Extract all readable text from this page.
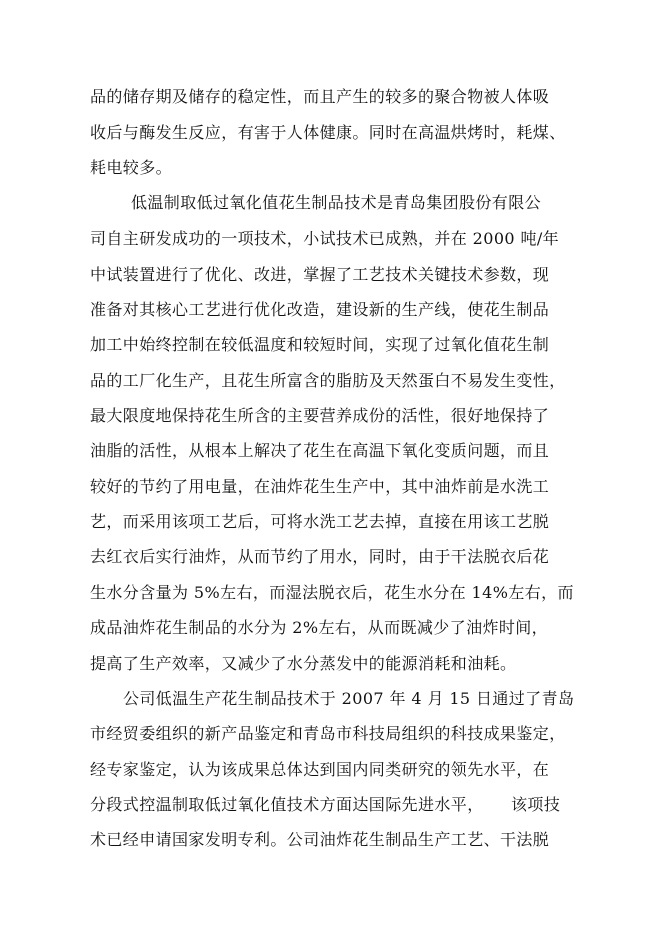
品的储存期及储存的稳定性，而且产生的较多的聚合物被人体吸
收后与酶发生反应，有害于人体健康。同时在高温烘烤时，耗煤、
耗电较多。
低温制取低过氧化值花生制品技术是青岛集团股份有限公
司自主研发成功的一项技术，小试技术已成熟，并在 2000 吨/年
中试装置进行了优化、改进，掌握了工艺技术关键技术参数，现
准备对其核心工艺进行优化改造，建设新的生产线，使花生制品
加工中始终控制在较低温度和较短时间，实现了过氧化值花生制
品的工厂化生产，且花生所富含的脂肪及天然蛋白不易发生变性，
最大限度地保持花生所含的主要营养成份的活性，很好地保持了
油脂的活性，从根本上解决了花生在高温下氧化变质问题，而且
较好的节约了用电量，在油炸花生生产中，其中油炸前是水洗工
艺，而采用该项工艺后，可将水洗工艺去掉，直接在用该工艺脱
去红衣后实行油炸，从而节约了用水，同时，由于干法脱衣后花
生水分含量为 5%左右，而湿法脱衣后，花生水分在 14%左右，而
成品油炸花生制品的水分为 2%左右，从而既减少了油炸时间，
提高了生产效率，又减少了水分蒸发中的能源消耗和油耗。
公司低温生产花生制品技术于 2007 年 4 月 15 日通过了青岛
市经贸委组织的新产品鉴定和青岛市科技局组织的科技成果鉴定，
经专家鉴定，认为该成果总体达到国内同类研究的领先水平，在
分段式控温制取低过氧化值技术方面达国际先进水平，     该项技
术已经申请国家发明专利。公司油炸花生制品生产工艺、干法脱
